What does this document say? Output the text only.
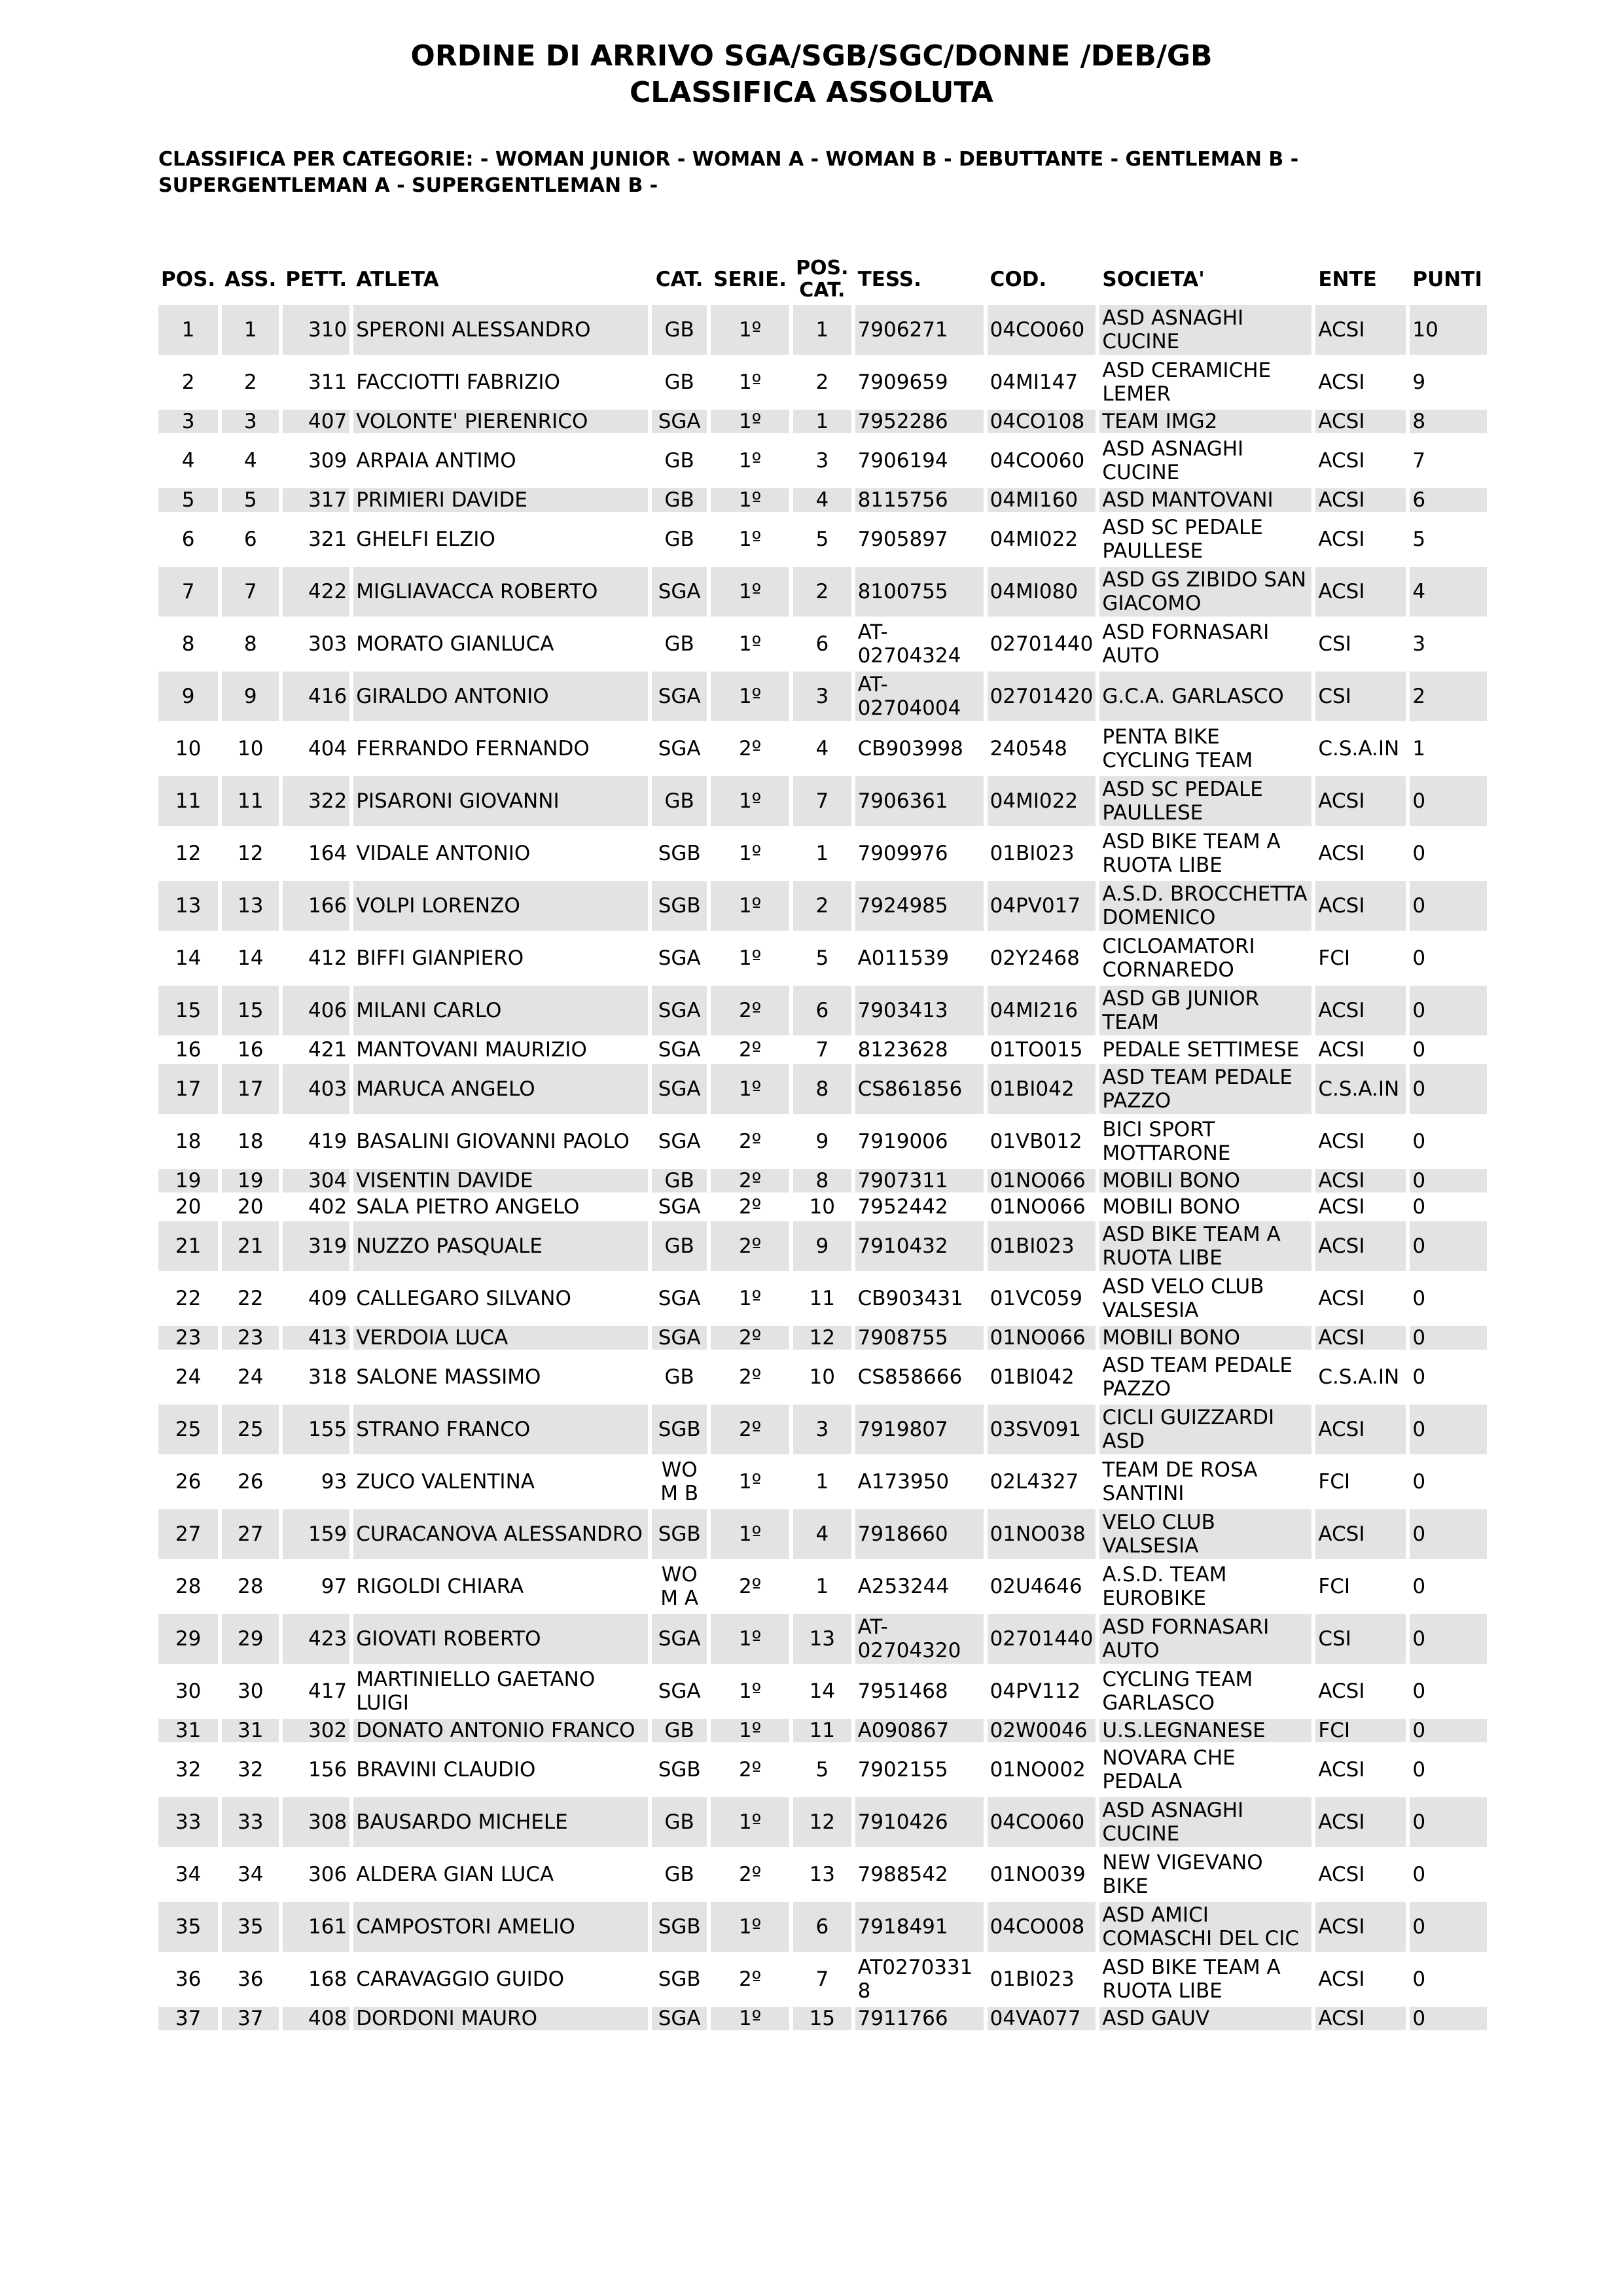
ORDINE DI ARRIVO SGA/SGB/SGC/DONNE /DEB/GB
CLASSIFICA ASSOLUTA
CLASSIFICA PER CATEGORIE: - WOMAN JUNIOR - WOMAN A - WOMAN B - DEBUTTANTE - GENTLEMAN B - SUPERGENTLEMAN A - SUPERGENTLEMAN B -
POS.	ASS.	PETT.	ATLETA	CAT.	SERIE.	POS. CAT.	TESS.	COD.	SOCIETA'	ENTE	PUNTI
1	1	310	SPERONI ALESSANDRO	GB	1º	1	7906271	04CO060	ASD ASNAGHI CUCINE	ACSI	10
2	2	311	FACCIOTTI FABRIZIO	GB	1º	2	7909659	04MI147	ASD CERAMICHE LEMER	ACSI	9
3	3	407	VOLONTE' PIERENRICO	SGA	1º	1	7952286	04CO108	TEAM IMG2	ACSI	8
4	4	309	ARPAIA ANTIMO	GB	1º	3	7906194	04CO060	ASD ASNAGHI CUCINE	ACSI	7
5	5	317	PRIMIERI DAVIDE	GB	1º	4	8115756	04MI160	ASD MANTOVANI	ACSI	6
6	6	321	GHELFI ELZIO	GB	1º	5	7905897	04MI022	ASD SC PEDALE PAULLESE	ACSI	5
7	7	422	MIGLIAVACCA ROBERTO	SGA	1º	2	8100755	04MI080	ASD GS ZIBIDO SAN GIACOMO	ACSI	4
8	8	303	MORATO GIANLUCA	GB	1º	6	AT-02704324	02701440	ASD FORNASARI AUTO	CSI	3
9	9	416	GIRALDO ANTONIO	SGA	1º	3	AT-02704004	02701420	G.C.A. GARLASCO	CSI	2
10	10	404	FERRANDO FERNANDO	SGA	2º	4	CB903998	240548	PENTA BIKE CYCLING TEAM	C.S.A.IN	1
11	11	322	PISARONI GIOVANNI	GB	1º	7	7906361	04MI022	ASD SC PEDALE PAULLESE	ACSI	0
12	12	164	VIDALE ANTONIO	SGB	1º	1	7909976	01BI023	ASD BIKE TEAM A RUOTA LIBE	ACSI	0
13	13	166	VOLPI LORENZO	SGB	1º	2	7924985	04PV017	A.S.D. BROCCHETTA DOMENICO	ACSI	0
14	14	412	BIFFI GIANPIERO	SGA	1º	5	A011539	02Y2468	CICLOAMATORI CORNAREDO	FCI	0
15	15	406	MILANI CARLO	SGA	2º	6	7903413	04MI216	ASD GB JUNIOR TEAM	ACSI	0
16	16	421	MANTOVANI MAURIZIO	SGA	2º	7	8123628	01TO015	PEDALE SETTIMESE	ACSI	0
17	17	403	MARUCA ANGELO	SGA	1º	8	CS861856	01BI042	ASD TEAM PEDALE PAZZO	C.S.A.IN	0
18	18	419	BASALINI GIOVANNI PAOLO	SGA	2º	9	7919006	01VB012	BICI SPORT MOTTARONE	ACSI	0
19	19	304	VISENTIN DAVIDE	GB	2º	8	7907311	01NO066	MOBILI BONO	ACSI	0
20	20	402	SALA PIETRO ANGELO	SGA	2º	10	7952442	01NO066	MOBILI BONO	ACSI	0
21	21	319	NUZZO PASQUALE	GB	2º	9	7910432	01BI023	ASD BIKE TEAM A RUOTA LIBE	ACSI	0
22	22	409	CALLEGARO SILVANO	SGA	1º	11	CB903431	01VC059	ASD VELO CLUB VALSESIA	ACSI	0
23	23	413	VERDOIA LUCA	SGA	2º	12	7908755	01NO066	MOBILI BONO	ACSI	0
24	24	318	SALONE MASSIMO	GB	2º	10	CS858666	01BI042	ASD TEAM PEDALE PAZZO	C.S.A.IN	0
25	25	155	STRANO FRANCO	SGB	2º	3	7919807	03SV091	CICLI GUIZZARDI ASD	ACSI	0
26	26	93	ZUCO VALENTINA	WOM B	1º	1	A173950	02L4327	TEAM DE ROSA SANTINI	FCI	0
27	27	159	CURACANOVA ALESSANDRO	SGB	1º	4	7918660	01NO038	VELO CLUB VALSESIA	ACSI	0
28	28	97	RIGOLDI CHIARA	WOM A	2º	1	A253244	02U4646	A.S.D. TEAM EUROBIKE	FCI	0
29	29	423	GIOVATI ROBERTO	SGA	1º	13	AT-02704320	02701440	ASD FORNASARI AUTO	CSI	0
30	30	417	MARTINIELLO GAETANO LUIGI	SGA	1º	14	7951468	04PV112	CYCLING TEAM GARLASCO	ACSI	0
31	31	302	DONATO ANTONIO FRANCO	GB	1º	11	A090867	02W0046	U.S.LEGNANESE	FCI	0
32	32	156	BRAVINI CLAUDIO	SGB	2º	5	7902155	01NO002	NOVARA CHE PEDALA	ACSI	0
33	33	308	BAUSARDO MICHELE	GB	1º	12	7910426	04CO060	ASD ASNAGHI CUCINE	ACSI	0
34	34	306	ALDERA GIAN LUCA	GB	2º	13	7988542	01NO039	NEW VIGEVANO BIKE	ACSI	0
35	35	161	CAMPOSTORI AMELIO	SGB	1º	6	7918491	04CO008	ASD AMICI COMASCHI DEL CIC	ACSI	0
36	36	168	CARAVAGGIO GUIDO	SGB	2º	7	AT02703318	01BI023	ASD BIKE TEAM A RUOTA LIBE	ACSI	0
37	37	408	DORDONI MAURO	SGA	1º	15	7911766	04VA077	ASD GAUV	ACSI	0
